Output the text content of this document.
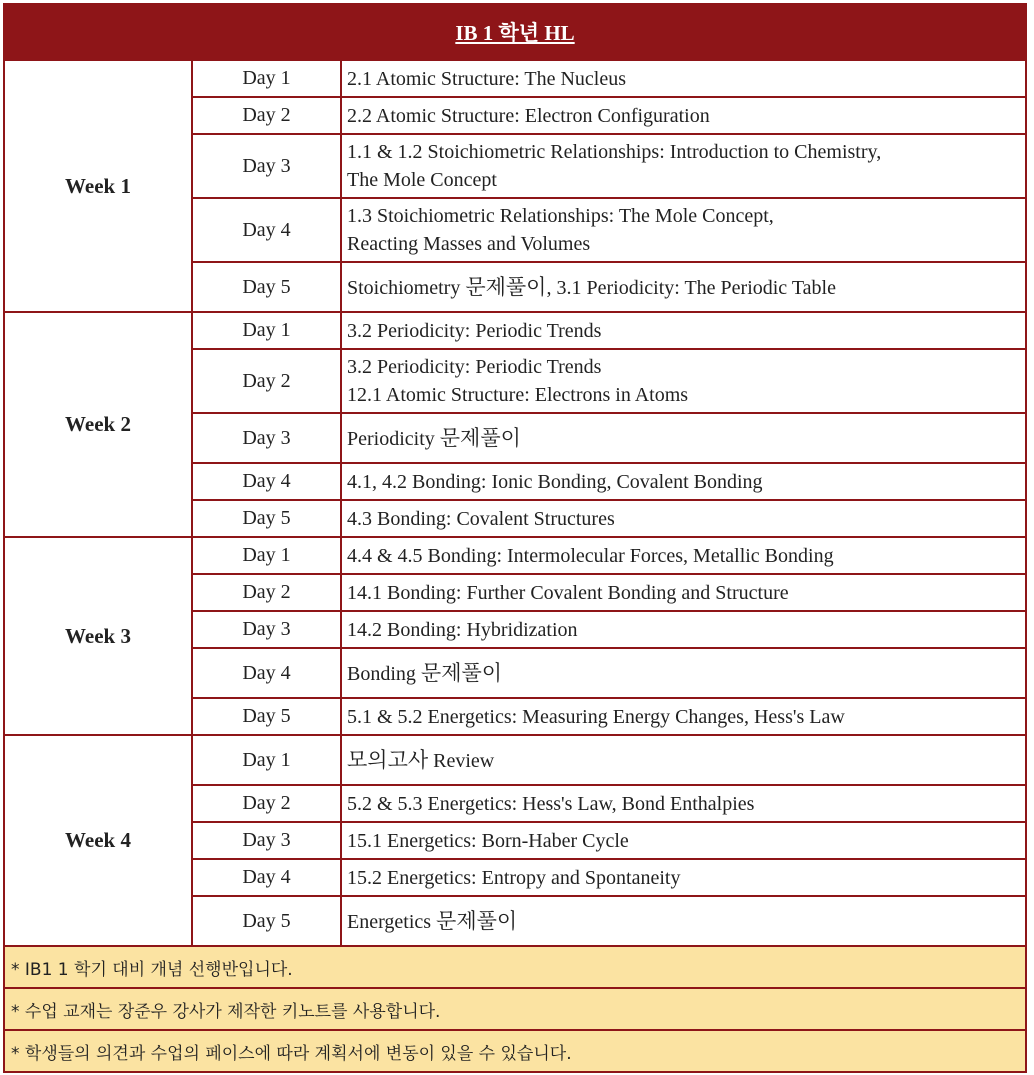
IB 1 학년 HL		
Week 1	Day 1	2.1 Atomic Structure: The Nucleus

	Day 2	2.2 Atomic Structure: Electron Configuration

	Day 3	1.1 & 1.2 Stoichiometric Relationships: Introduction to Chemistry,
The Mole Concept

	Day 4	1.3 Stoichiometric Relationships: The Mole Concept,
Reacting Masses and Volumes

	Day 5	Stoichiometry 문제풀이, 3.1 Periodicity: The Periodic Table

Week 2	Day 1	3.2 Periodicity: Periodic Trends

	Day 2	3.2 Periodicity: Periodic Trends
12.1 Atomic Structure: Electrons in Atoms

	Day 3	Periodicity 문제풀이

	Day 4	4.1, 4.2 Bonding: Ionic Bonding, Covalent Bonding

	Day 5	4.3 Bonding: Covalent Structures

Week 3	Day 1	4.4 & 4.5 Bonding: Intermolecular Forces, Metallic Bonding

	Day 2	14.1 Bonding: Further Covalent Bonding and Structure

	Day 3	14.2 Bonding: Hybridization

	Day 4	Bonding 문제풀이

	Day 5	5.1 & 5.2 Energetics: Measuring Energy Changes, Hess's Law

Week 4	Day 1	모의고사 Review

	Day 2	5.2 & 5.3 Energetics: Hess's Law, Bond Enthalpies

	Day 3	15.1 Energetics: Born-Haber Cycle

	Day 4	15.2 Energetics: Entropy and Spontaneity

	Day 5	Energetics 문제풀이

* IB1 1 학기 대비 개념 선행반입니다.		
* 수업 교재는 장준우 강사가 제작한 키노트를 사용합니다.		
* 학생들의 의견과 수업의 페이스에 따라 계획서에 변동이 있을 수 있습니다.		
